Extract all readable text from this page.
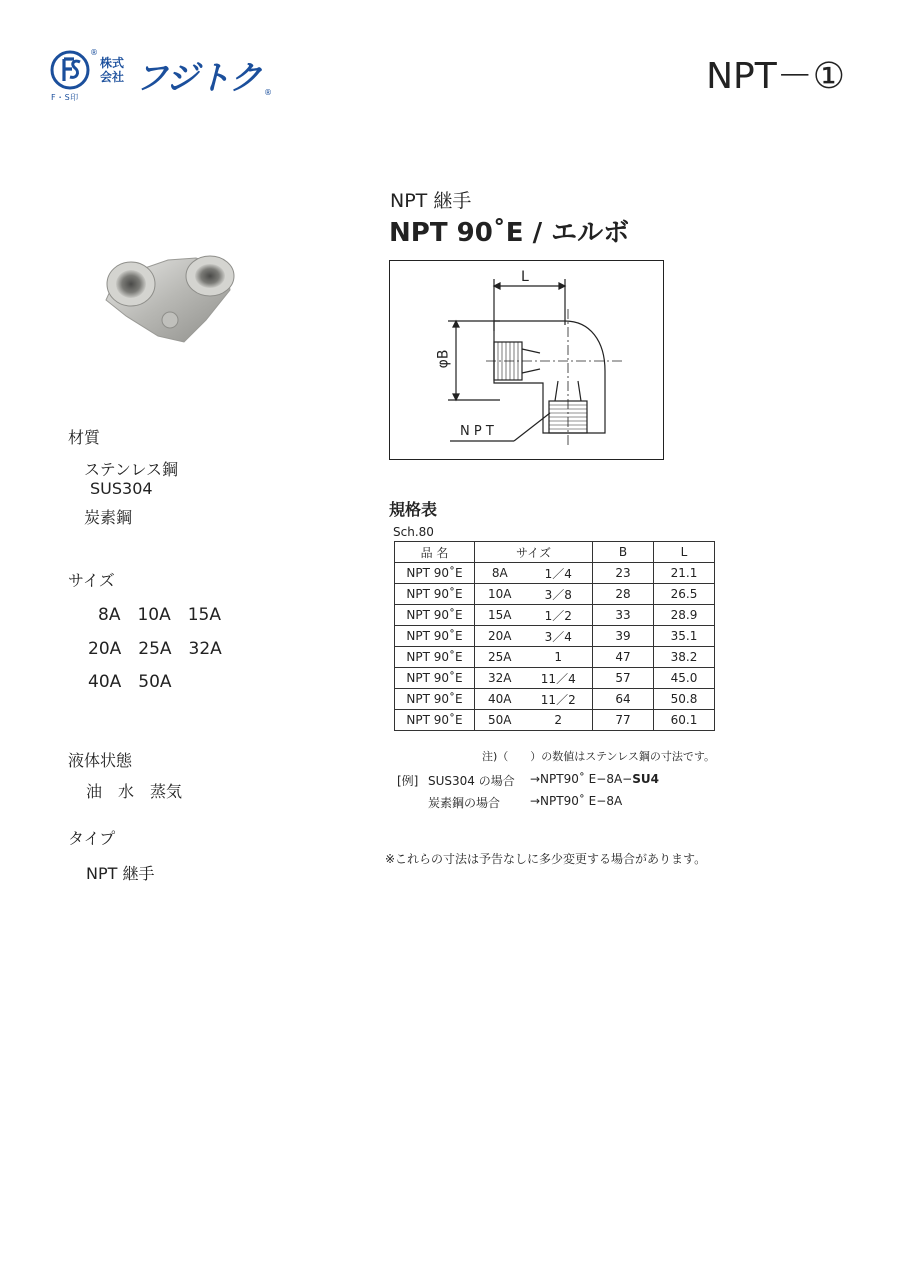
®
F・S印
株式会社 フジトク ®	NPT－①
NPT 継手
NPT 90˚E / エルボ
L
φB
N P T
材質
ステンレス鋼
SUS304
炭素鋼
サイズ
8A　10A　15A
20A　25A　32A
40A　50A
液体状態
油　水　蒸気
タイプ
NPT 継手
規格表
Sch.80
品 名	サイズ		B	L
NPT 90˚E	8A	1／4	23	21.1
NPT 90˚E	10A	3／8	28	26.5
NPT 90˚E	15A	1／2	33	28.9
NPT 90˚E	20A	3／4	39	35.1
NPT 90˚E	25A	1	47	38.2
NPT 90˚E	32A	11／4	57	45.0
NPT 90˚E	40A	11／2	64	50.8
NPT 90˚E	50A	2	77	60.1
注)（　　）の数値はステンレス鋼の寸法です。
[例] SUS304 の場合 →NPT90˚ E−8A−SU4
炭素鋼の場合 →NPT90˚ E−8A
※これらの寸法は予告なしに多少変更する場合があります。
